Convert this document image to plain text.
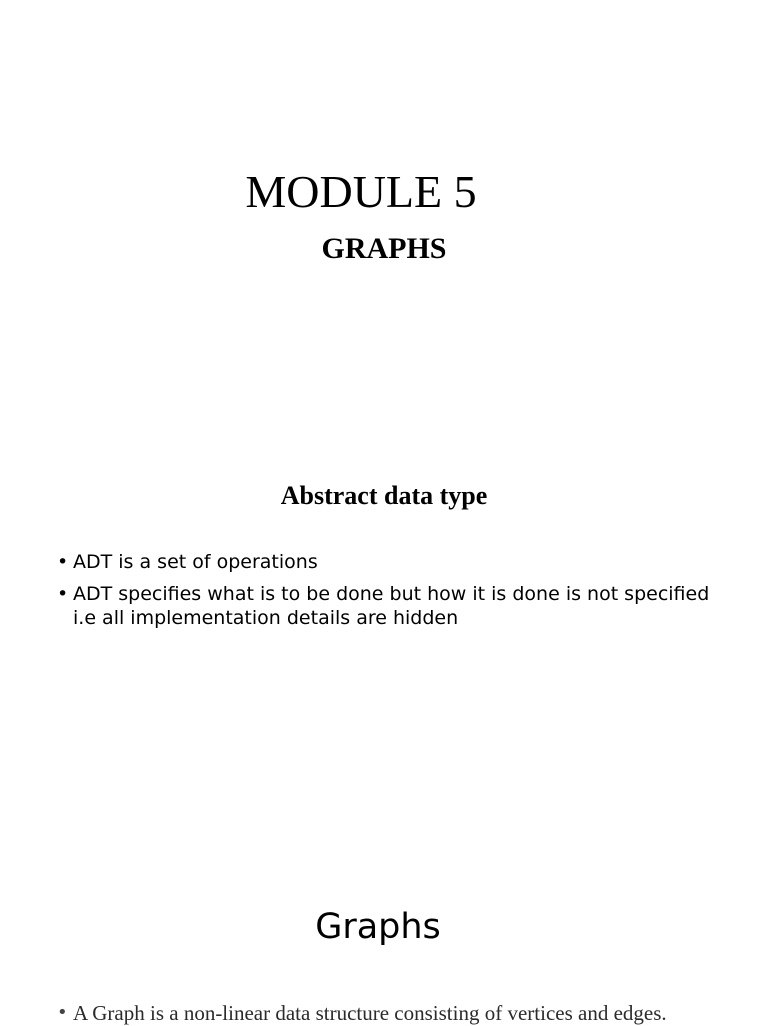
MODULE 5
GRAPHS
Abstract data type
• ADT is a set of operations
• ADT specifies what is to be done but how it is done is not specified i.e all implementation details are hidden
Graphs
• A Graph is a non-linear data structure consisting of vertices and edges.
